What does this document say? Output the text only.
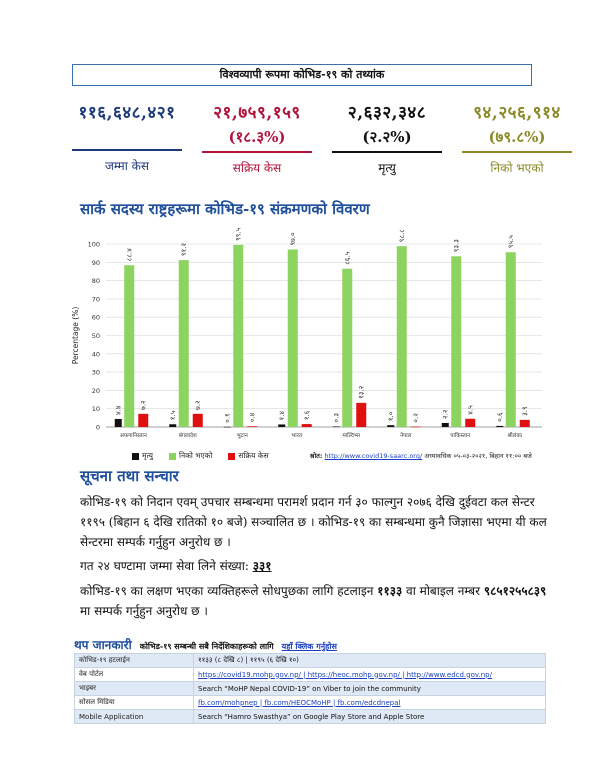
विश्वव्यापी रूपमा कोभिड-१९ को तथ्यांक
११६,६४८,४२१
जम्मा केस
२१,७५९,१५९
(१८.३%)
सक्रिय केस
२,६३२,३४८
(२.२%)
मृत्यु
९४,२५६,९१४
(७९.८%)
निको भएको
सार्क सदस्य राष्ट्रहरूमा कोभिड-१९ संक्रमणको विवरण
0
10
20
30
40
50
60
70
80
90
100
Percentage (%)
४.४
८८.४
७.२
अफगानिस्तान
१.५
९१.२
७.२
बंगलादेश
०.१
९९.५
०.४
भुटान
१.४
९७.०
१.६
भारत
०.३
८६.५
१३.२
माल्दिभ्स
१.०
९८.८
०.२
नेपाल
२.२
९३.३
४.५
पाकिस्तान
०.६
९५.५
३.९
श्रीलंका
मृत्यु	निको भएको	सक्रिय केस	स्रोत: http://www.covid19-saarc.org/ अध्यावधिक ०५-०३-२०२१, बिहान ११:०० बजे
सूचना तथा सन्चार
कोभिड-१९ को निदान एवम् उपचार सम्बन्धमा परामर्श प्रदान गर्न ३० फाल्गुन २०७६ देखि दुईवटा कल सेन्टर ११९५ (बिहान ६ देखि रातिको १० बजे) सञ्चालित छ । कोभिड-१९ का सम्बन्धमा कुनै जिज्ञासा भएमा यी कल सेन्टरमा सम्पर्क गर्नुहुन अनुरोध छ ।
गत २४ घण्टामा जम्मा सेवा लिने संख्या: ३३१
कोभिड-१९ का लक्षण भएका व्यक्तिहरूले सोधपुछका लागि हटलाइन ११३३ वा मोबाइल नम्बर ९८५१२५५८३९ मा सम्पर्क गर्नुहुन अनुरोध छ ।
थप जानकारी कोभिड-१९ सम्बन्धी सबै निर्देशिकाहरूको लागि यहाँ क्लिक गर्नुहोस
कोभिड-१९ हटलाईन	११३३ (८ देखि ८) | ११९५ (६ देखि १०)
वेब पोर्टल	https://covid19.mohp.gov.np/ | https://heoc.mohp.gov.np/ | http://www.edcd.gov.np/
भाइबर	Search “MoHP Nepal COVID-19” on Viber to join the community
सोसल मिडिया	fb.com/mohpnep | fb.com/HEOCMoHP | fb.com/edcdnepal
Mobile Application	Search “Hamro Swasthya” on Google Play Store and Apple Store
